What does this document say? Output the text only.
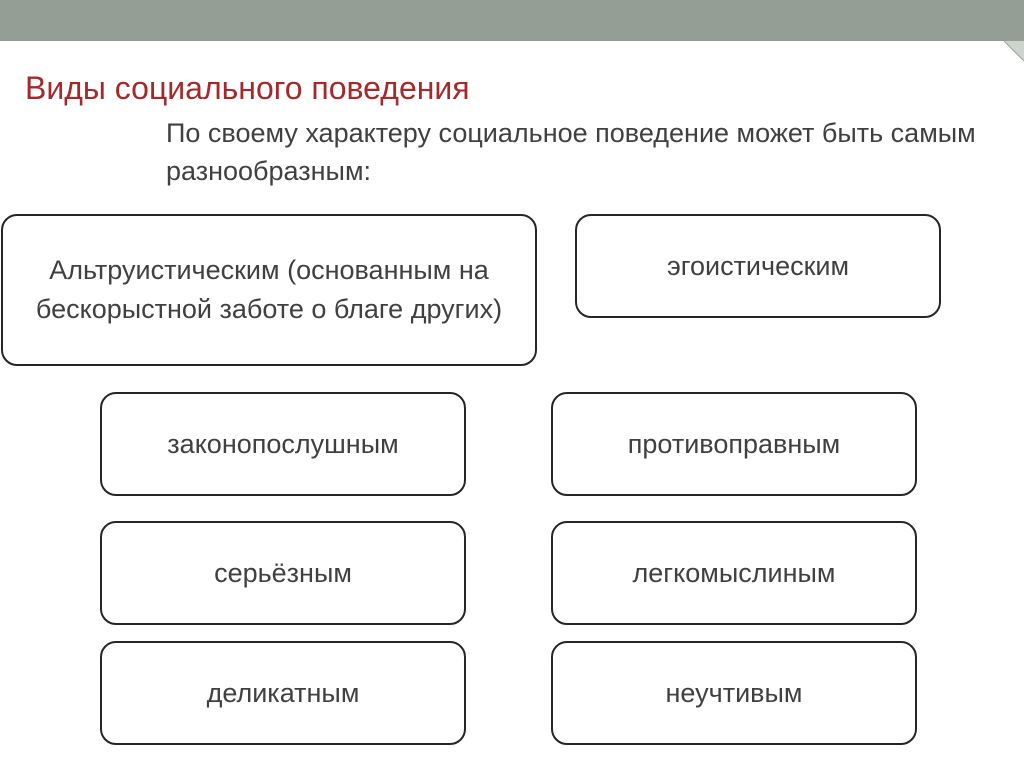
Виды социального поведения

По своему характеру социальное поведение может быть самым разнообразным:

Альтруистическим (основанным на бескорыстной заботе о благе других)
эгоистическим
законопослушным	противоправным
серьёзным	легкомыслиным
деликатным	неучтивым
